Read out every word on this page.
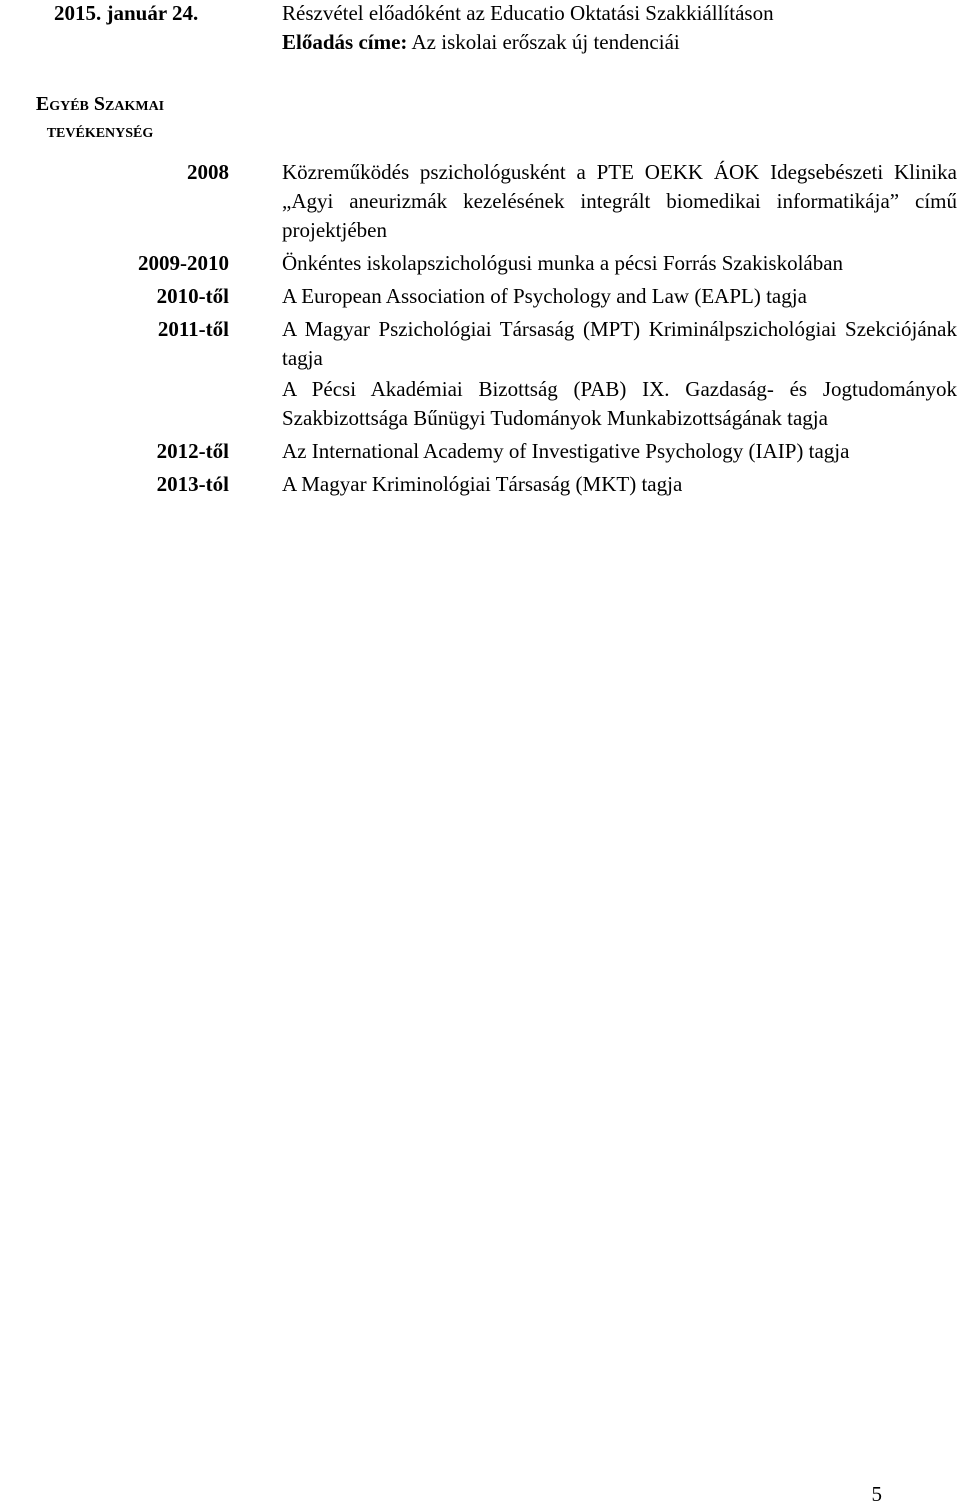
2015. január 24.	Részvétel előadóként az Educatio Oktatási Szakkiállításon
Előadás címe: Az iskolai erőszak új tendenciái
Egyéb Szakmai
tevékenység
2008	Közreműködés pszichológusként a PTE OEKK ÁOK Idegsebészeti Klinika „Agyi aneurizmák kezelésének integrált biomedikai informatikája” című projektjében

2009-2010	Önkéntes iskolapszichológusi munka a pécsi Forrás Szakiskolában

2010-től	A European Association of Psychology and Law (EAPL) tagja

2011-től	A Magyar Pszichológiai Társaság (MPT) Kriminálpszichológiai Szekciójának tagja

A Pécsi Akadémiai Bizottság (PAB) IX. Gazdaság- és Jogtudományok Szakbizottsága Bűnügyi Tudományok Munkabizottságának tagja

2012-től	Az International Academy of Investigative Psychology (IAIP) tagja

2013-tól	A Magyar Kriminológiai Társaság (MKT) tagja

5
